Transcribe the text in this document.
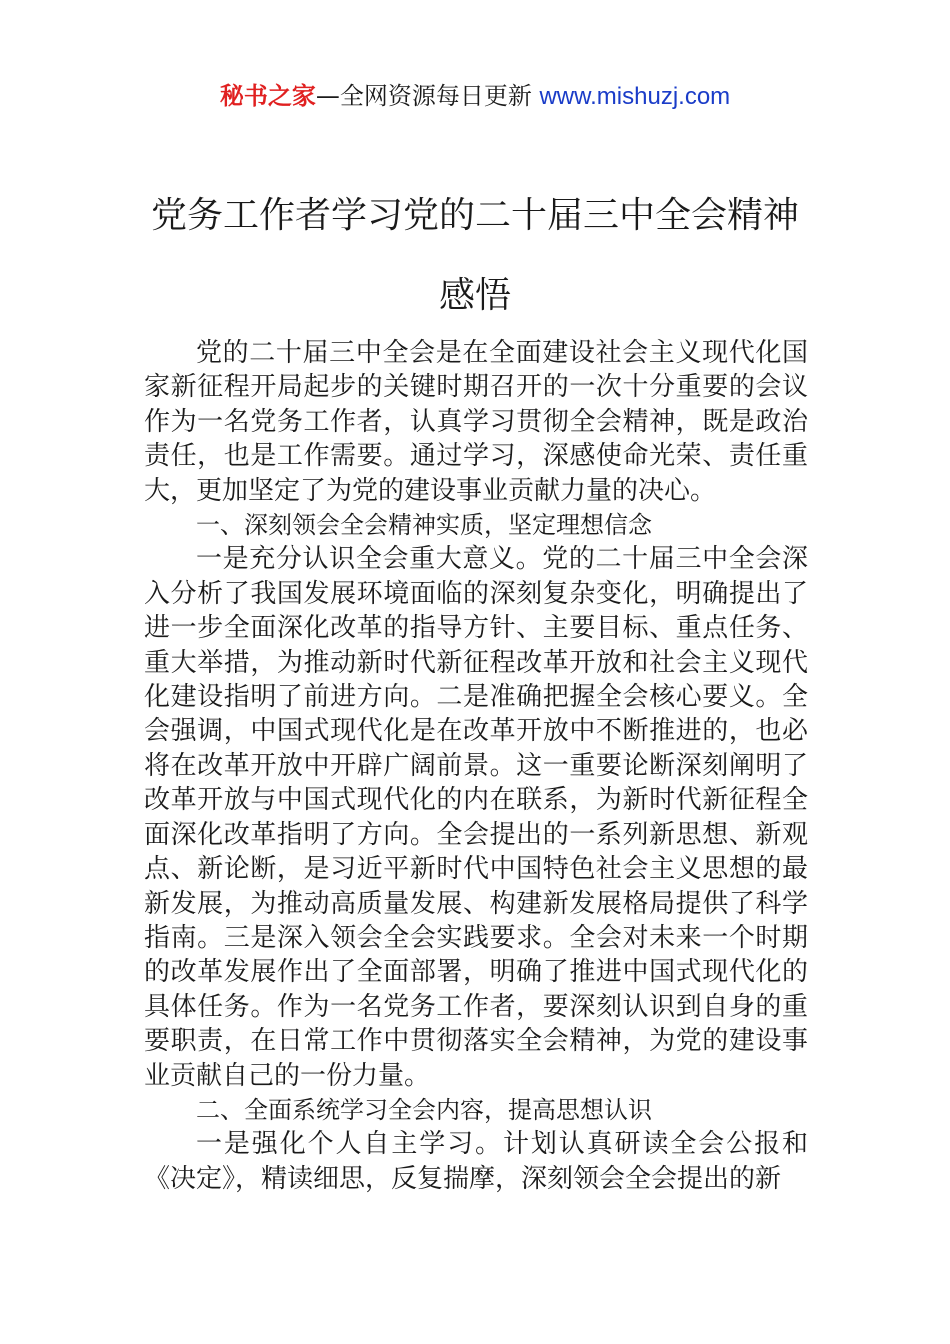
秘书之家—全网资源每日更新 www.mishuzj.com
党务工作者学习党的二十届三中全会精神感悟

党的二十届三中全会是在全面建设社会主义现代化国家新征程开局起步的关键时期召开的一次十分重要的会议作为一名党务工作者，认真学习贯彻全会精神，既是政治责任，也是工作需要。通过学习，深感使命光荣、责任重大，更加坚定了为党的建设事业贡献力量的决心。

一、深刻领会全会精神实质，坚定理想信念

一是充分认识全会重大意义。党的二十届三中全会深入分析了我国发展环境面临的深刻复杂变化，明确提出了进一步全面深化改革的指导方针、主要目标、重点任务、重大举措，为推动新时代新征程改革开放和社会主义现代化建设指明了前进方向。二是准确把握全会核心要义。全会强调，中国式现代化是在改革开放中不断推进的，也必将在改革开放中开辟广阔前景。这一重要论断深刻阐明了改革开放与中国式现代化的内在联系，为新时代新征程全面深化改革指明了方向。全会提出的一系列新思想、新观点、新论断，是习近平新时代中国特色社会主义思想的最新发展，为推动高质量发展、构建新发展格局提供了科学指南。三是深入领会全会实践要求。全会对未来一个时期的改革发展作出了全面部署，明确了推进中国式现代化的具体任务。作为一名党务工作者，要深刻认识到自身的重要职责，在日常工作中贯彻落实全会精神，为党的建设事业贡献自己的一份力量。

二、全面系统学习全会内容，提高思想认识

一是强化个人自主学习。计划认真研读全会公报和《决定》，精读细思，反复揣摩，深刻领会全会提出的新
